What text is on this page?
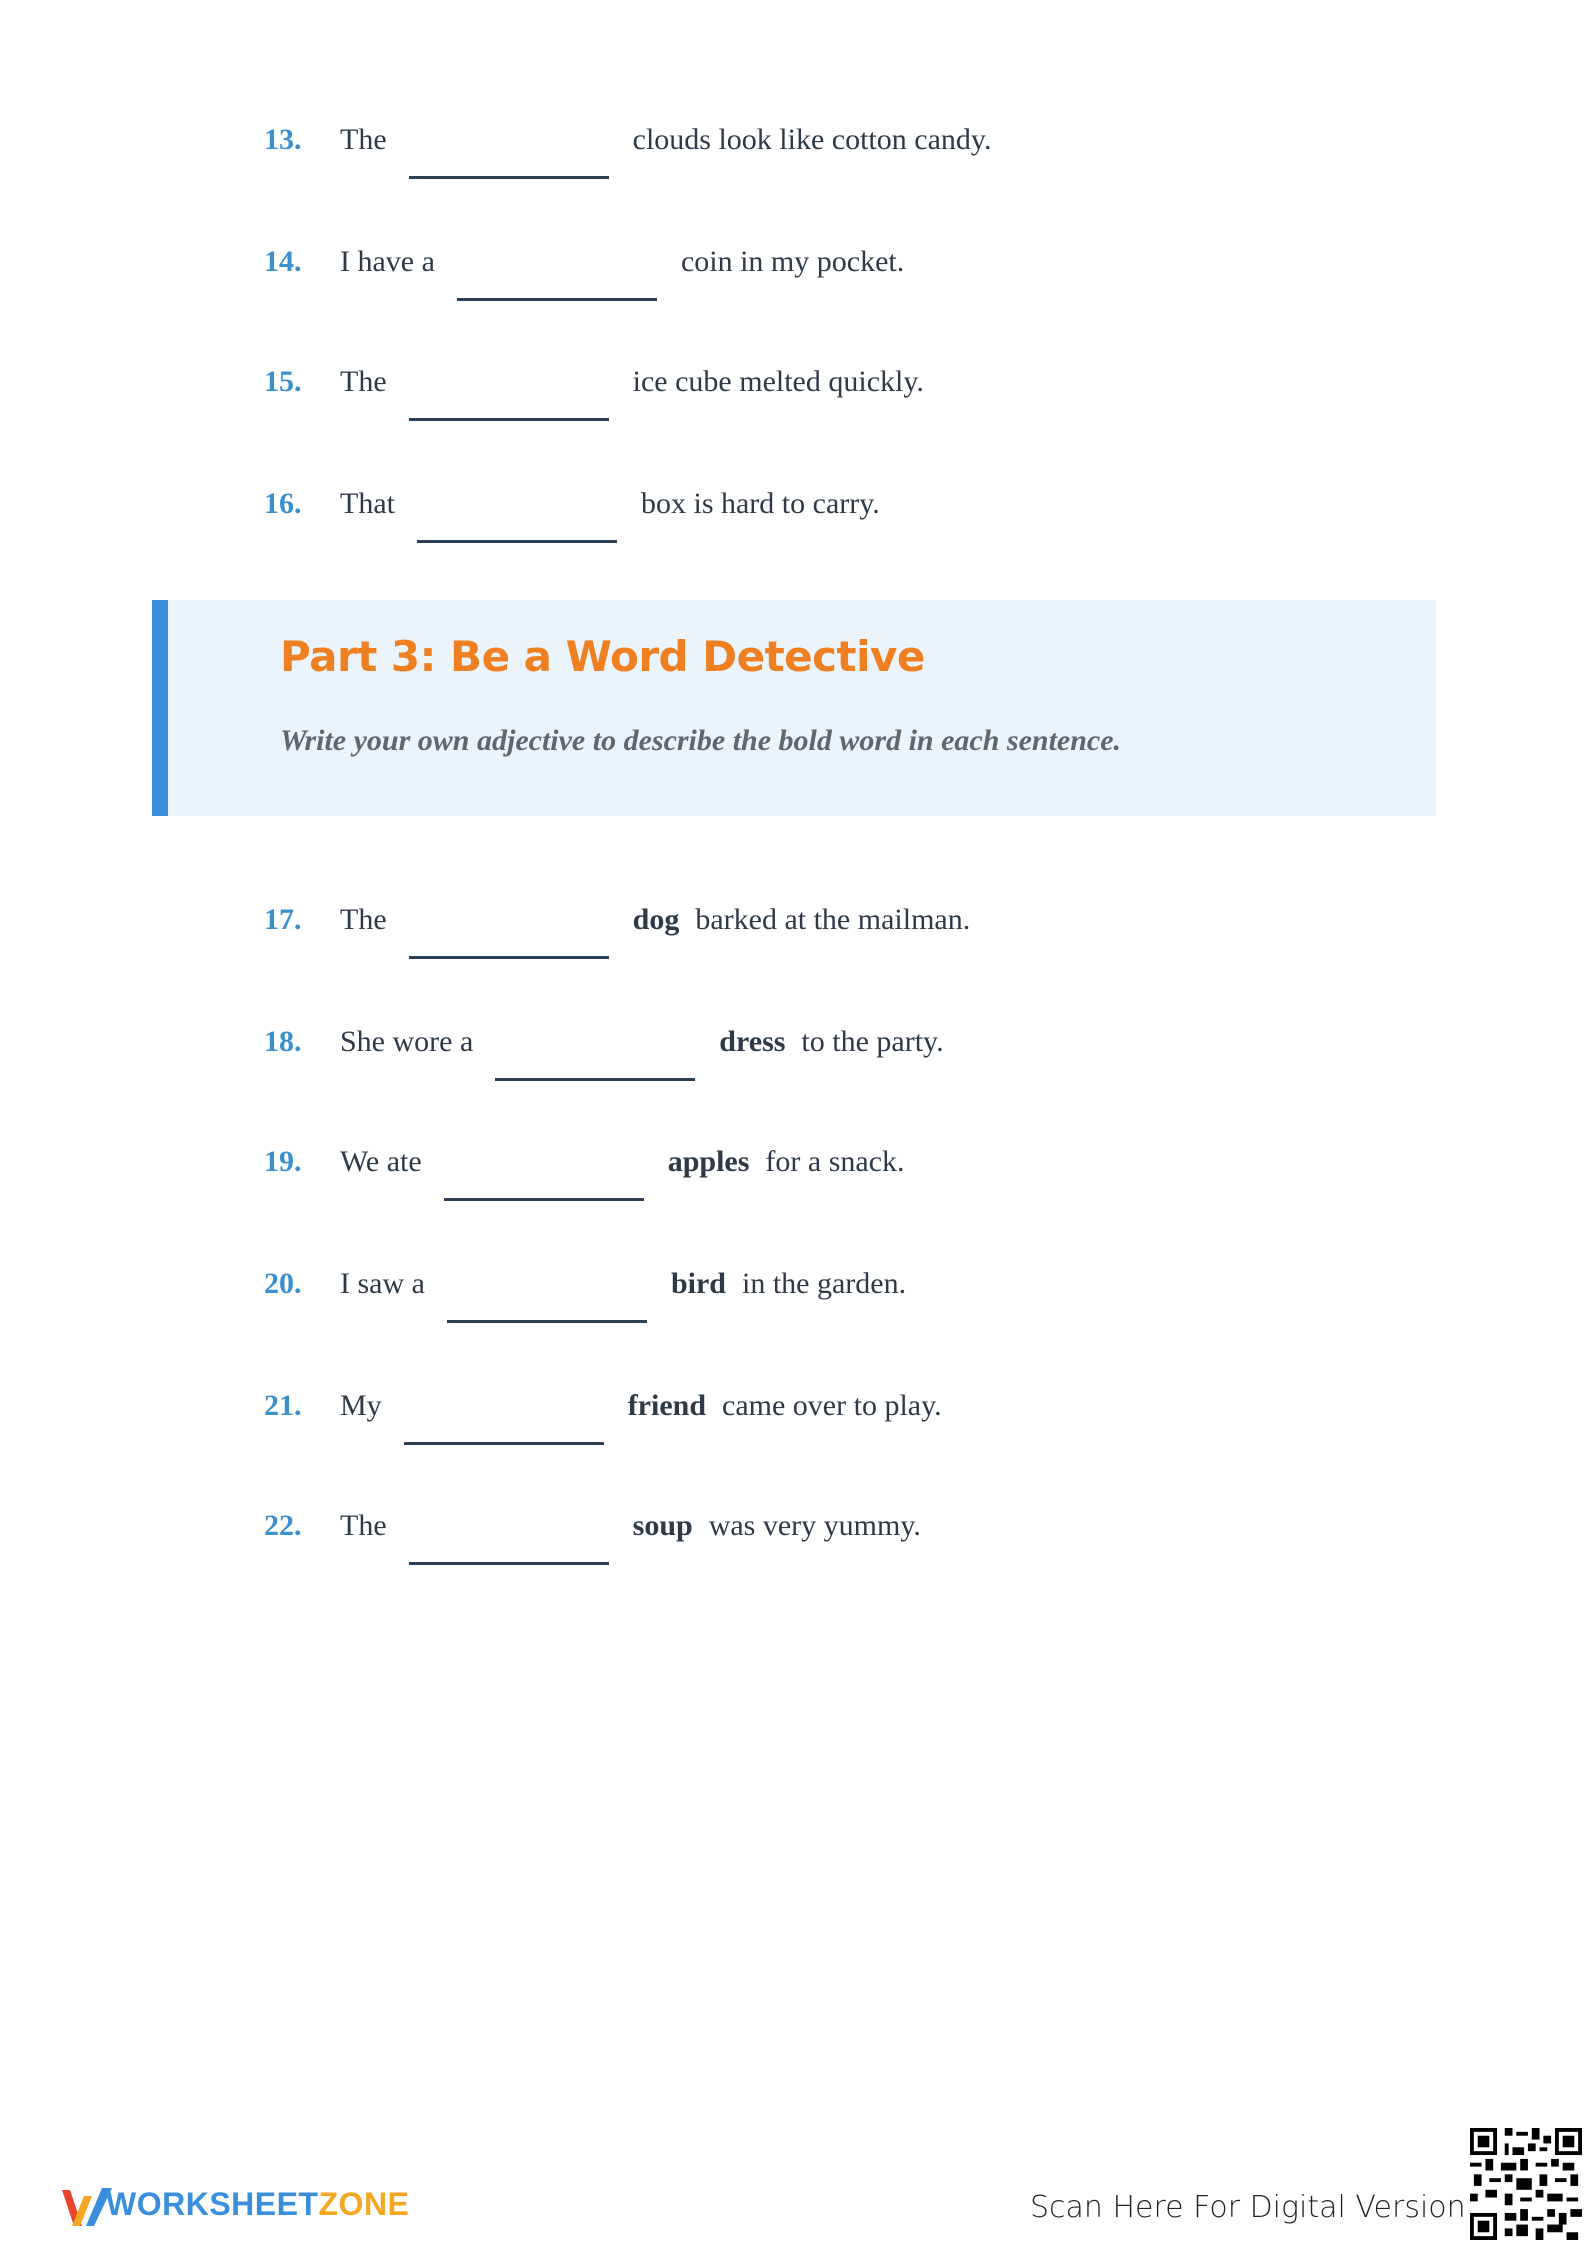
13.	The	clouds look like cotton candy.
14.	I have a	coin in my pocket.
15.	The	ice cube melted quickly.
16.	That	box is hard to carry.
Part 3: Be a Word Detective
Write your own adjective to describe the bold word in each sentence.
17.	The	dog barked at the mailman.
18.	She wore a	dress to the party.
19.	We ate	apples for a snack.
20.	I saw a	bird in the garden.
21.	My	friend came over to play.
22.	The	soup was very yummy.
WORKSHEETZONE	Scan Here For Digital Version
